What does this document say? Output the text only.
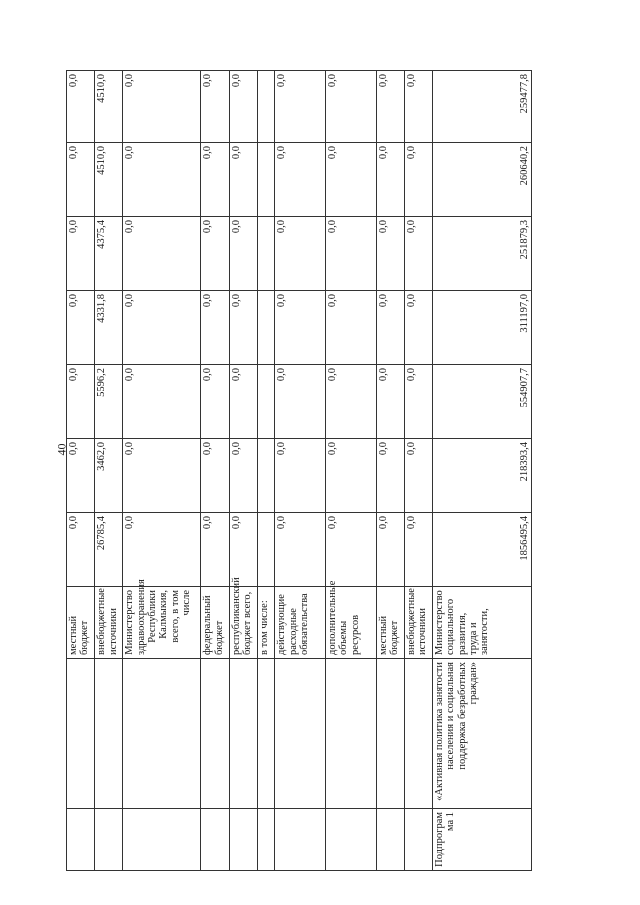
40
		местный бюджет	0,0	0,0	0,0	0,0	0,0	0,0	0,0
		внебюджетные источники	26785,4	3462,0	5596,2	4331,8	4375,4	4510,0	4510,0
		Министерство здравоохранения Республики Калмыкия, всего, в том числе	0,0	0,0	0,0	0,0	0,0	0,0	0,0
		федеральный бюджет	0,0	0,0	0,0	0,0	0,0	0,0	0,0
		республиканский бюджет всего,	0,0	0,0	0,0	0,0	0,0	0,0	0,0
		в том числе:							
		действующие расходные обязательства	0,0	0,0	0,0	0,0	0,0	0,0	0,0
		дополнительные объемы ресурсов	0,0	0,0	0,0	0,0	0,0	0,0	0,0
		местный бюджет	0,0	0,0	0,0	0,0	0,0	0,0	0,0
		внебюджетные источники	0,0	0,0	0,0	0,0	0,0	0,0	0,0
Подпрограм ма 1	«Активная политика занятости населения и социальная поддержка безработных граждан»	Министерство социального развития, труда и занятости,	1856495,4	218393,4	554907,7	311197,0	251879,3	260640,2	259477,8
